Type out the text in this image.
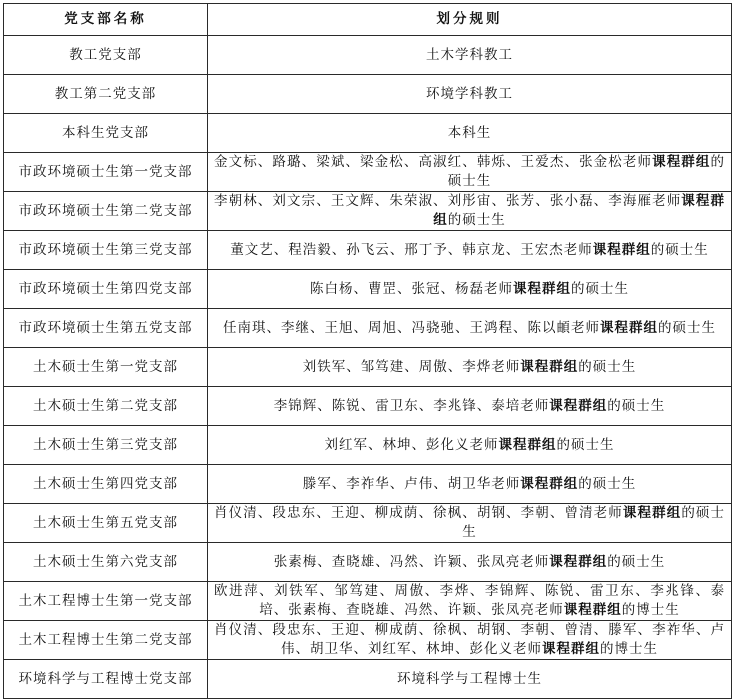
党支部名称	划分规则
教工党支部	土木学科教工
教工第二党支部	环境学科教工
本科生党支部	本科生
市政环境硕士生第一党支部	金文标、路璐、梁斌、梁金松、高淑红、韩烁、王爱杰、张金松老师课程群组的硕士生
市政环境硕士生第二党支部	李朝林、刘文宗、王文辉、朱荣淑、刘彤宙、张芳、张小磊、李海雁老师课程群组的硕士生
市政环境硕士生第三党支部	董文艺、程浩毅、孙飞云、邢丁予、韩京龙、王宏杰老师课程群组的硕士生
市政环境硕士生第四党支部	陈白杨、曹罡、张冠、杨磊老师课程群组的硕士生
市政环境硕士生第五党支部	任南琪、李继、王旭、周旭、冯骁驰、王鸿程、陈以頔老师课程群组的硕士生
土木硕士生第一党支部	刘铁军、邹笃建、周傲、李烨老师课程群组的硕士生
土木硕士生第二党支部	李锦辉、陈锐、雷卫东、李兆锋、泰培老师课程群组的硕士生
土木硕士生第三党支部	刘红军、林坤、彭化义老师课程群组的硕士生
土木硕士生第四党支部	滕军、李祚华、卢伟、胡卫华老师课程群组的硕士生
土木硕士生第五党支部	肖仪清、段忠东、王迎、柳成荫、徐枫、胡钢、李朝、曾清老师课程群组的硕士生
土木硕士生第六党支部	张素梅、查晓雄、冯然、许颖、张凤亮老师课程群组的硕士生
土木工程博士生第一党支部	欧进萍、刘铁军、邹笃建、周傲、李烨、李锦辉、陈锐、雷卫东、李兆锋、泰培、张素梅、查晓雄、冯然、许颖、张凤亮老师课程群组的博士生
土木工程博士生第二党支部	肖仪清、段忠东、王迎、柳成荫、徐枫、胡钢、李朝、曾清、滕军、李祚华、卢伟、胡卫华、刘红军、林坤、彭化义老师课程群组的博士生
环境科学与工程博士党支部	环境科学与工程博士生
